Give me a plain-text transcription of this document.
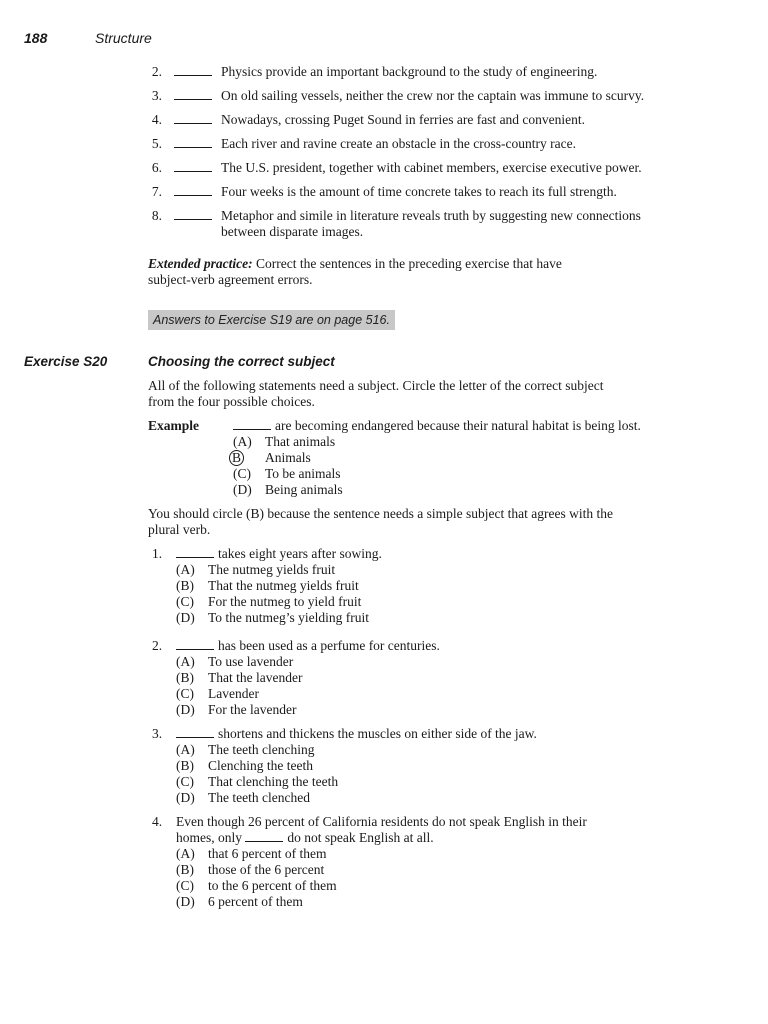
188	Structure
2.	Physics provide an important background to the study of engineering.
3.	On old sailing vessels, neither the crew nor the captain was immune to scurvy.
4.	Nowadays, crossing Puget Sound in ferries are fast and convenient.
5.	Each river and ravine create an obstacle in the cross-country race.
6.	The U.S. president, together with cabinet members, exercise executive power.
7.	Four weeks is the amount of time concrete takes to reach its full strength.
8.	Metaphor and simile in literature reveals truth by suggesting new connections
between disparate images.
Extended practice: Correct the sentences in the preceding exercise that have
subject-verb agreement errors.
Answers to Exercise S19 are on page 516.
Exercise S20	Choosing the correct subject
All of the following statements need a subject. Circle the letter of the correct subject
from the four possible choices.
Example	are becoming endangered because their natural habitat is being lost.
(A) That animals
B Animals
(C) To be animals
(D) Being animals
You should circle (B) because the sentence needs a simple subject that agrees with the
plural verb.
1.	takes eight years after sowing.
(A) The nutmeg yields fruit
(B) That the nutmeg yields fruit
(C) For the nutmeg to yield fruit
(D) To the nutmeg’s yielding fruit
2.	has been used as a perfume for centuries.
(A) To use lavender
(B) That the lavender
(C) Lavender
(D) For the lavender
3.	shortens and thickens the muscles on either side of the jaw.
(A) The teeth clenching
(B) Clenching the teeth
(C) That clenching the teeth
(D) The teeth clenched
4. Even though 26 percent of California residents do not speak English in their
homes, only	do not speak English at all.
(A) that 6 percent of them
(B) those of the 6 percent
(C) to the 6 percent of them
(D) 6 percent of them
